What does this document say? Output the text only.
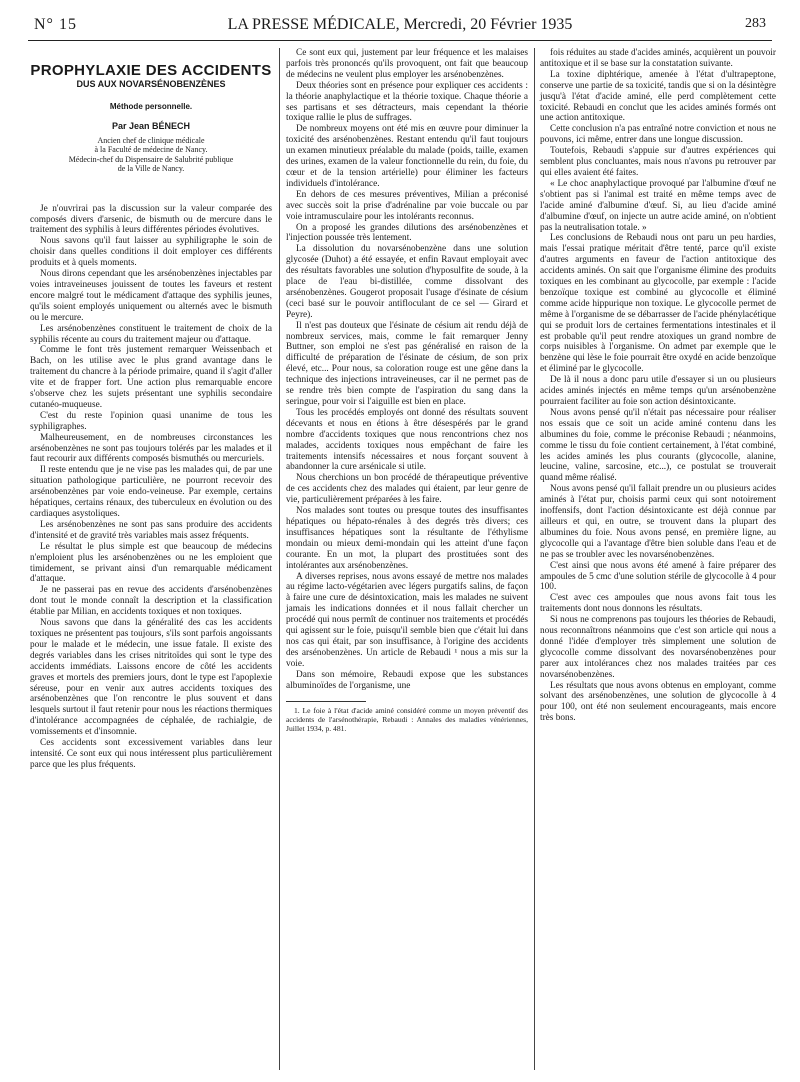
N° 15	LA PRESSE MÉDICALE, Mercredi, 20 Février 1935	283
PROPHYLAXIE DES ACCIDENTS
DUS AUX NOVARSÉNOBENZÈNES
Méthode personnelle.
Par Jean BÉNECH
Ancien chef de clinique médicale
à la Faculté de médecine de Nancy.
Médecin-chef du Dispensaire de Salubrité publique
de la Ville de Nancy.

Je n'ouvrirai pas la discussion sur la valeur comparée des composés divers d'arsenic, de bismuth ou de mercure dans le traitement des syphilis à leurs différentes périodes évolutives.

Nous savons qu'il faut laisser au syphiligraphe le soin de choisir dans quelles conditions il doit employer ces différents produits et à quels moments.

Nous dirons cependant que les arsénobenzènes injectables par voies intraveineuses jouissent de toutes les faveurs et restent encore malgré tout le médicament d'attaque des syphilis jeunes, qu'ils soient employés uniquement ou alternés avec le bismuth ou le mercure.

Les arsénobenzènes constituent le traitement de choix de la syphilis récente au cours du traitement majeur ou d'attaque.

Comme le font très justement remarquer Weissenbach et Bach, on les utilise avec le plus grand avantage dans le traitement du chancre à la période primaire, quand il s'agit d'aller vite et de frapper fort. Une action plus remarquable encore s'observe chez les sujets présentant une syphilis secondaire cutanéo-muqueuse.

C'est du reste l'opinion quasi unanime de tous les syphiligraphes.

Malheureusement, en de nombreuses circonstances les arsénobenzènes ne sont pas toujours tolérés par les malades et il faut recourir aux différents composés bismuthés ou mercuriels.

Il reste entendu que je ne vise pas les malades qui, de par une situation pathologique particulière, ne pourront recevoir des arsénobenzènes par voie endo-veineuse. Par exemple, certains hépatiques, certains rénaux, des tuberculeux en évolution ou des cardiaques asystoliques.

Les arsénobenzènes ne sont pas sans produire des accidents d'intensité et de gravité très variables mais assez fréquents.

Le résultat le plus simple est que beaucoup de médecins n'emploient plus les arsénobenzènes ou ne les emploient que timidement, se privant ainsi d'un remarquable médicament d'attaque.

Je ne passerai pas en revue des accidents d'arsénobenzènes dont tout le monde connaît la description et la classification établie par Milian, en accidents toxiques et non toxiques.

Nous savons que dans la généralité des cas les accidents toxiques ne présentent pas toujours, s'ils sont parfois angoissants pour le malade et le médecin, une issue fatale. Il existe des degrés variables dans les crises nitritoïdes qui sont le type des accidents immédiats. Laissons encore de côté les accidents graves et mortels des premiers jours, dont le type est l'apoplexie séreuse, pour en venir aux autres accidents toxiques des arsénobenzènes que l'on rencontre le plus souvent et dans lesquels surtout il faut retenir pour nous les réactions thermiques d'intolérance accompagnées de céphalée, de rachialgie, de vomissements et d'insomnie.

Ces accidents sont excessivement variables dans leur intensité. Ce sont eux qui nous intéressent plus particulièrement parce que les plus fréquents.

Ce sont eux qui, justement par leur fréquence et les malaises parfois très prononcés qu'ils provoquent, ont fait que beaucoup de médecins ne veulent plus employer les arsénobenzènes.

Deux théories sont en présence pour expliquer ces accidents : la théorie anaphylactique et la théorie toxique. Chaque théorie a ses partisans et ses détracteurs, mais cependant la théorie toxique rallie le plus de suffrages.

De nombreux moyens ont été mis en œuvre pour diminuer la toxicité des arsénobenzènes. Restant entendu qu'il faut toujours un examen minutieux préalable du malade (poids, taille, examen des urines, examen de la valeur fonctionnelle du rein, du foie, du cœur et de la tension artérielle) pour éliminer les facteurs individuels d'intolérance.

En dehors de ces mesures préventives, Milian a préconisé avec succès soit la prise d'adrénaline par voie buccale ou par voie intramusculaire pour les intolérants reconnus.

On a proposé les grandes dilutions des arsénobenzènes et l'injection poussée très lentement.

La dissolution du novarsénobenzène dans une solution glycosée (Duhot) a été essayée, et enfin Ravaut employait avec des résultats favorables une solution d'hyposulfite de soude, à la place de l'eau bi-distillée, comme dissolvant des arsénobenzènes. Gougerot proposait l'usage d'ésinate de césium (ceci basé sur le pouvoir antifloculant de ce sel — Girard et Peyre).

Il n'est pas douteux que l'ésinate de césium ait rendu déjà de nombreux services, mais, comme le fait remarquer Jenny Buttner, son emploi ne s'est pas généralisé en raison de la difficulté de préparation de l'ésinate de césium, de son prix élevé, etc... Pour nous, sa coloration rouge est une gêne dans la technique des injections intraveineuses, car il ne permet pas de se rendre très bien compte de l'aspiration du sang dans la seringue, pour voir si l'aiguille est bien en place.

Tous les procédés employés ont donné des résultats souvent décevants et nous en étions à être désespérés par le grand nombre d'accidents toxiques que nous rencontrions chez nos malades, accidents toxiques nous empêchant de faire les traitements intensifs nécessaires et nous forçant souvent à abandonner la cure arsénicale si utile.

Nous cherchions un bon procédé de thérapeutique préventive de ces accidents chez des malades qui étaient, par leur genre de vie, particulièrement préparées à les faire.

Nos malades sont toutes ou presque toutes des insuffisantes hépatiques ou hépato-rénales à des degrés très divers; ces insuffisances hépatiques sont la résultante de l'éthylisme mondain ou mieux demi-mondain qui les atteint d'une façon courante. En un mot, la plupart des prostituées sont des intolérantes aux arsénobenzènes.

A diverses reprises, nous avons essayé de mettre nos malades au régime lacto-végétarien avec légers purgatifs salins, de façon à faire une cure de désintoxication, mais les malades ne suivent jamais les indications données et il nous fallait chercher un procédé qui nous permît de continuer nos traitements et procédés qui agissent sur le foie, puisqu'il semble bien que c'était lui dans nos cas qui était, par son insuffisance, à l'origine des accidents des arsénobenzènes. Un article de Rebaudi ¹ nous a mis sur la voie.

Dans son mémoire, Rebaudi expose que les substances albuminoïdes de l'organisme, une

1. Le foie à l'état d'acide aminé considéré comme un moyen préventif des accidents de l'arsénothérapie, Rebaudi : Annales des maladies vénériennes, Juillet 1934, p. 481.

fois réduites au stade d'acides aminés, acquièrent un pouvoir antitoxique et il se base sur la constatation suivante.

La toxine diphtérique, amenée à l'état d'ultrapeptone, conserve une partie de sa toxicité, tandis que si on la désintègre jusqu'à l'état d'acide aminé, elle perd complètement cette toxicité. Rebaudi en conclut que les acides aminés formés ont une action antitoxique.

Cette conclusion n'a pas entraîné notre conviction et nous ne pouvons, ici même, entrer dans une longue discussion.

Toutefois, Rebaudi s'appuie sur d'autres expériences qui semblent plus concluantes, mais nous n'avons pu retrouver par qui elles avaient été faites.

« Le choc anaphylactique provoqué par l'albumine d'œuf ne s'obtient pas si l'animal est traité en même temps avec de l'acide aminé d'albumine d'œuf. Si, au lieu d'acide aminé d'albumine d'œuf, on injecte un autre acide aminé, on n'obtient pas la neutralisation totale. »

Les conclusions de Rebaudi nous ont paru un peu hardies, mais l'essai pratique méritait d'être tenté, parce qu'il existe d'autres arguments en faveur de l'action antitoxique des accidents aminés. On sait que l'organisme élimine des produits toxiques en les combinant au glycocolle, par exemple : l'acide benzoïque toxique est combiné au glycocolle et éliminé comme acide hippurique non toxique. Le glycocolle permet de même à l'organisme de se débarrasser de l'acide phénylacétique qui se produit lors de certaines fermentations intestinales et il est probable qu'il peut rendre atoxiques un grand nombre de corps nuisibles à l'organisme. On admet par exemple que le benzène qui lèse le foie pourrait être oxydé en acide benzoïque et éliminé par le glycocolle.

De là il nous a donc paru utile d'essayer si un ou plusieurs acides aminés injectés en même temps qu'un arsénobenzène pourraient faciliter au foie son action désintoxicante.

Nous avons pensé qu'il n'était pas nécessaire pour réaliser nos essais que ce soit un acide aminé contenu dans les albumines du foie, comme le préconise Rebaudi ; néanmoins, comme le tissu du foie contient certainement, à l'état combiné, les acides aminés les plus courants (glycocolle, alanine, leucine, valine, sarcosine, etc...), ce postulat se trouverait quand même réalisé.

Nous avons pensé qu'il fallait prendre un ou plusieurs acides aminés à l'état pur, choisis parmi ceux qui sont notoirement inoffensifs, dont l'action désintoxicante est déjà connue par ailleurs et qui, en outre, se trouvent dans la plupart des albumines du foie. Nous avons pensé, en première ligne, au glycocolle qui a l'avantage d'être bien soluble dans l'eau et de ne pas se troubler avec les novarsénobenzènes.

C'est ainsi que nous avons été amené à faire préparer des ampoules de 5 cmc d'une solution stérile de glycocolle à 4 pour 100.

C'est avec ces ampoules que nous avons fait tous les traitements dont nous donnons les résultats.

Si nous ne comprenons pas toujours les théories de Rebaudi, nous reconnaîtrons néanmoins que c'est son article qui nous a donné l'idée d'employer très simplement une solution de glycocolle comme dissolvant des novarsénobenzènes pour parer aux intolérances chez nos malades traitées par ces novarsénobenzènes.

Les résultats que nous avons obtenus en employant, comme solvant des arsénobenzènes, une solution de glycocolle à 4 pour 100, ont été non seulement encourageants, mais encore très bons.
